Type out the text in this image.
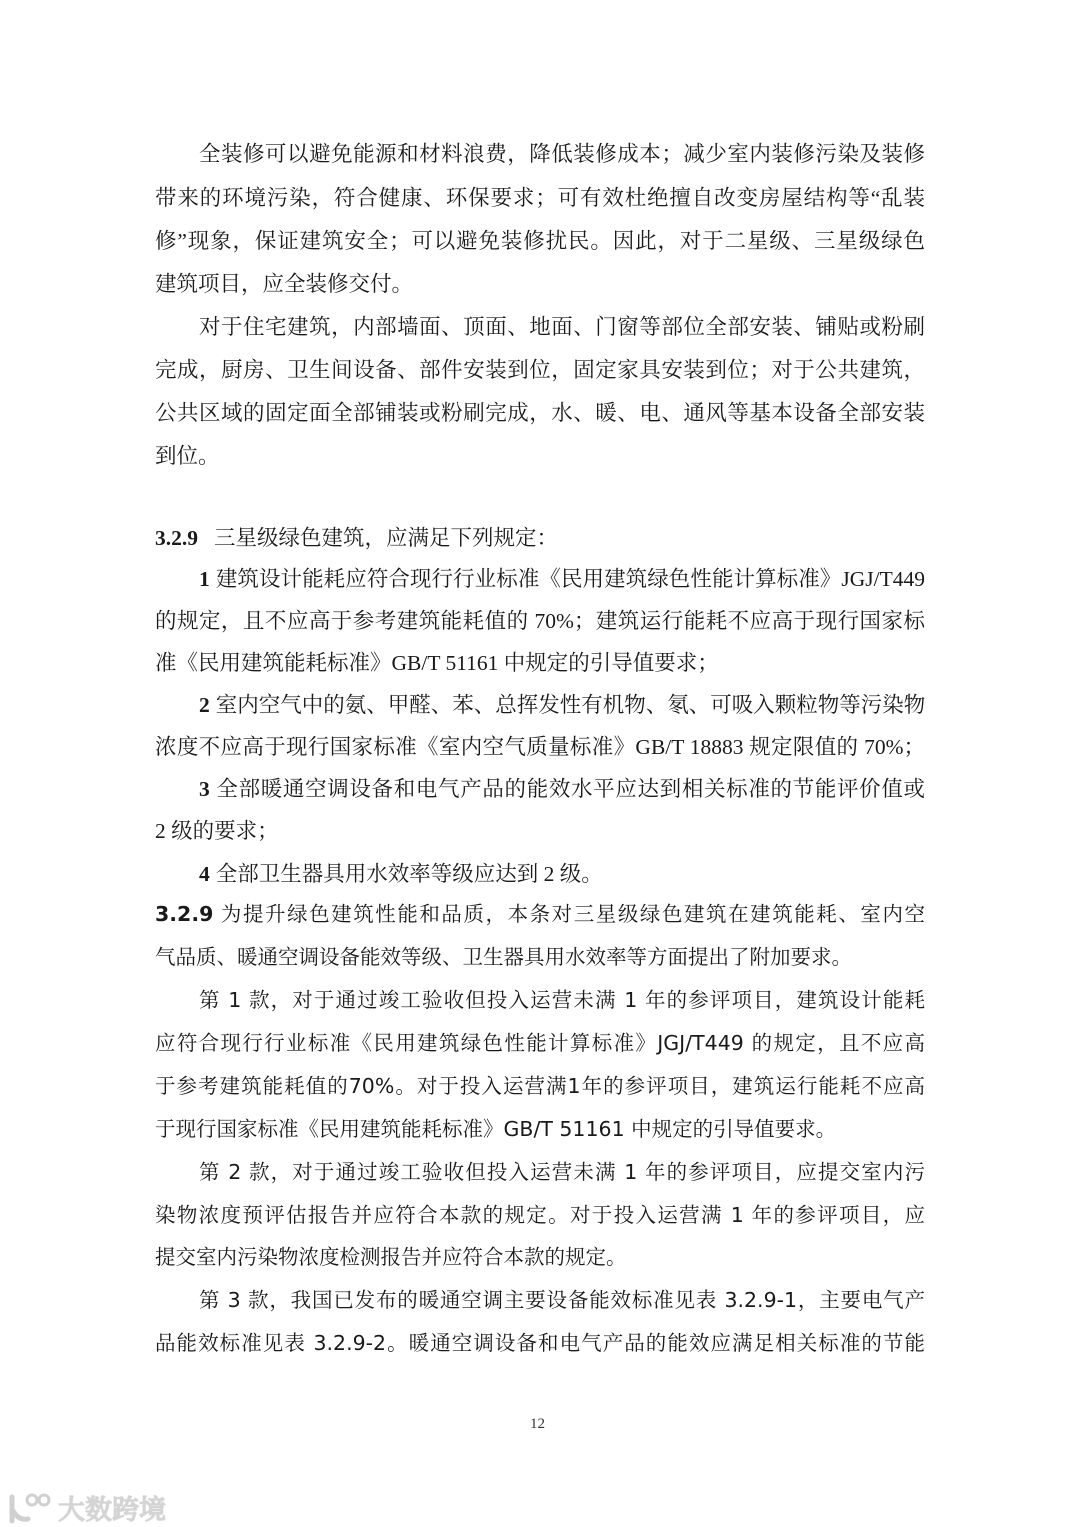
全装修可以避免能源和材料浪费，降低装修成本；减少室内装修污染及装修
带来的环境污染，符合健康、环保要求；可有效杜绝擅自改变房屋结构等“乱装
修”现象，保证建筑安全；可以避免装修扰民。因此，对于二星级、三星级绿色
建筑项目，应全装修交付。
对于住宅建筑，内部墙面、顶面、地面、门窗等部位全部安装、铺贴或粉刷
完成，厨房、卫生间设备、部件安装到位，固定家具安装到位；对于公共建筑，
公共区域的固定面全部铺装或粉刷完成，水、暖、电、通风等基本设备全部安装
到位。
3.2.9 三星级绿色建筑，应满足下列规定：
1 建筑设计能耗应符合现行行业标准《民用建筑绿色性能计算标准》JGJ/T449
的规定，且不应高于参考建筑能耗值的 70%；建筑运行能耗不应高于现行国家标
准《民用建筑能耗标准》GB/T 51161 中规定的引导值要求；
2 室内空气中的氨、甲醛、苯、总挥发性有机物、氡、可吸入颗粒物等污染物
浓度不应高于现行国家标准《室内空气质量标准》GB/T 18883 规定限值的 70%；
3 全部暖通空调设备和电气产品的能效水平应达到相关标准的节能评价值或
2 级的要求；
4 全部卫生器具用水效率等级应达到 2 级。
3.2.9 为提升绿色建筑性能和品质，本条对三星级绿色建筑在建筑能耗、室内空
气品质、暖通空调设备能效等级、卫生器具用水效率等方面提出了附加要求。
第 1 款，对于通过竣工验收但投入运营未满 1 年的参评项目，建筑设计能耗
应符合现行行业标准《民用建筑绿色性能计算标准》JGJ/T449 的规定，且不应高
于参考建筑能耗值的70%。对于投入运营满1年的参评项目，建筑运行能耗不应高
于现行国家标准《民用建筑能耗标准》GB/T 51161 中规定的引导值要求。
第 2 款，对于通过竣工验收但投入运营未满 1 年的参评项目，应提交室内污
染物浓度预评估报告并应符合本款的规定。对于投入运营满 1 年的参评项目，应
提交室内污染物浓度检测报告并应符合本款的规定。
第 3 款，我国已发布的暖通空调主要设备能效标准见表 3.2.9-1，主要电气产
品能效标准见表 3.2.9-2。暖通空调设备和电气产品的能效应满足相关标准的节能
12
大数跨境
